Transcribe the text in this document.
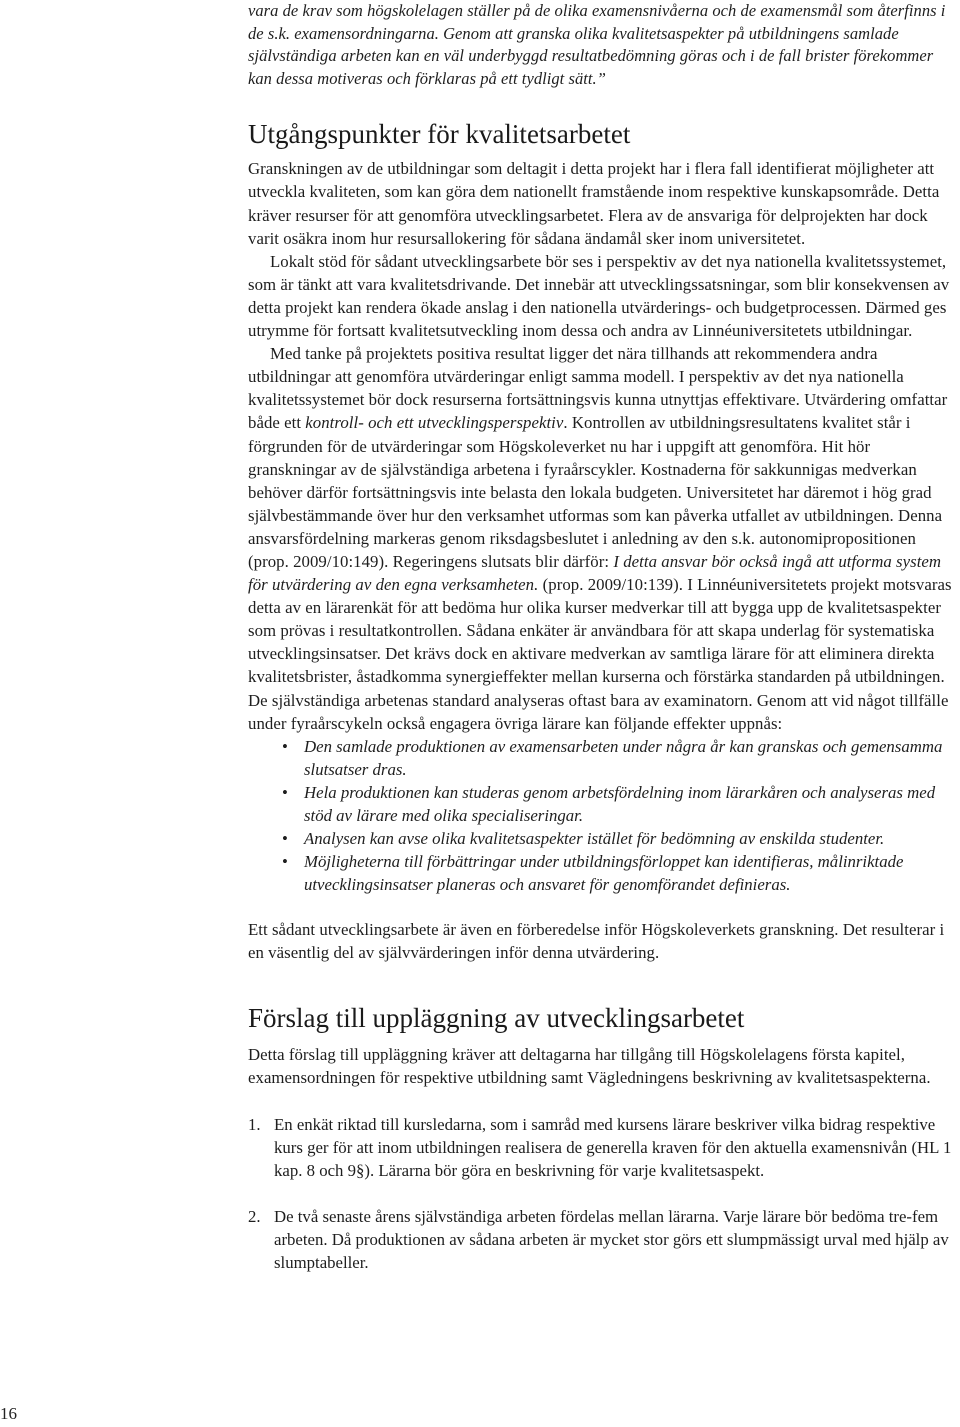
vara de krav som högskolelagen ställer på de olika examensnivåerna och de examensmål som återfinns i de s.k. examensordningarna. Genom att granska olika kvalitetsaspekter på utbildningens samlade självständiga arbeten kan en väl underbyggd resultatbedömning göras och i de fall brister förekommer kan dessa motiveras och förklaras på ett tydligt sätt.”

Utgångspunkter för kvalitetsarbetet

Granskningen av de utbildningar som deltagit i detta projekt har i flera fall identifierat möjligheter att utveckla kvaliteten, som kan göra dem nationellt framstående inom respektive kunskapsområde. Detta kräver resurser för att genomföra utvecklingsarbetet. Flera av de ansvariga för delprojekten har dock varit osäkra inom hur resursallokering för sådana ändamål sker inom universitetet.

Lokalt stöd för sådant utvecklingsarbete bör ses i perspektiv av det nya nationella kvalitetssystemet, som är tänkt att vara kvalitetsdrivande. Det innebär att utvecklingssatsningar, som blir konsekvensen av detta projekt kan rendera ökade anslag i den nationella utvärderings- och budgetprocessen. Därmed ges utrymme för fortsatt kvalitetsutveckling inom dessa och andra av Linnéuniversitetets utbildningar.

Med tanke på projektets positiva resultat ligger det nära tillhands att rekommendera andra utbildningar att genomföra utvärderingar enligt samma modell. I perspektiv av det nya nationella kvalitetssystemet bör dock resurserna fortsättningsvis kunna utnyttjas effektivare. Utvärdering omfattar både ett kontroll- och ett utvecklingsperspektiv. Kontrollen av utbildningsresultatens kvalitet står i förgrunden för de utvärderingar som Högskoleverket nu har i uppgift att genomföra. Hit hör granskningar av de självständiga arbetena i fyraårscykler. Kostnaderna för sakkunnigas medverkan behöver därför fortsättningsvis inte belasta den lokala budgeten. Universitetet har däremot i hög grad självbestämmande över hur den verksamhet utformas som kan påverka utfallet av utbildningen. Denna ansvarsfördelning markeras genom riksdagsbeslutet i anledning av den s.k. autonomipropositionen (prop. 2009/10:149). Regeringens slutsats blir därför: I detta ansvar bör också ingå att utforma system för utvärdering av den egna verksamheten. (prop. 2009/10:139). I Linnéuniversitetets projekt motsvaras detta av en lärarenkät för att bedöma hur olika kurser medverkar till att bygga upp de kvalitetsaspekter som prövas i resultatkontrollen. Sådana enkäter är användbara för att skapa underlag för systematiska utvecklingsinsatser. Det krävs dock en aktivare medverkan av samtliga lärare för att eliminera direkta kvalitetsbrister, åstadkomma synergieffekter mellan kurserna och förstärka standarden på utbildningen. De självständiga arbetenas standard analyseras oftast bara av examinatorn. Genom att vid något tillfälle under fyraårscykeln också engagera övriga lärare kan följande effekter uppnås:

• Den samlade produktionen av examensarbeten under några år kan granskas och gemensamma slutsatser dras.
• Hela produktionen kan studeras genom arbetsfördelning inom lärarkåren och analyseras med stöd av lärare med olika specialiseringar.
• Analysen kan avse olika kvalitetsaspekter istället för bedömning av enskilda studenter.
• Möjligheterna till förbättringar under utbildningsförloppet kan identifieras, målinriktade utvecklingsinsatser planeras och ansvaret för genomförandet definieras.

Ett sådant utvecklingsarbete är även en förberedelse inför Högskoleverkets granskning. Det resulterar i en väsentlig del av självvärderingen inför denna utvärdering.

Förslag till uppläggning av utvecklingsarbetet

Detta förslag till uppläggning kräver att deltagarna har tillgång till Högskolelagens första kapitel, examensordningen för respektive utbildning samt Vägledningens beskrivning av kvalitetsaspekterna.

1. En enkät riktad till kursledarna, som i samråd med kursens lärare beskriver vilka bidrag respektive kurs ger för att inom utbildningen realisera de generella kraven för den aktuella examensnivån (HL 1 kap. 8 och 9§). Lärarna bör göra en beskrivning för varje kvalitetsaspekt.
2. De två senaste årens självständiga arbeten fördelas mellan lärarna. Varje lärare bör bedöma tre-fem arbeten. Då produktionen av sådana arbeten är mycket stor görs ett slumpmässigt urval med hjälp av slumptabeller.
16
